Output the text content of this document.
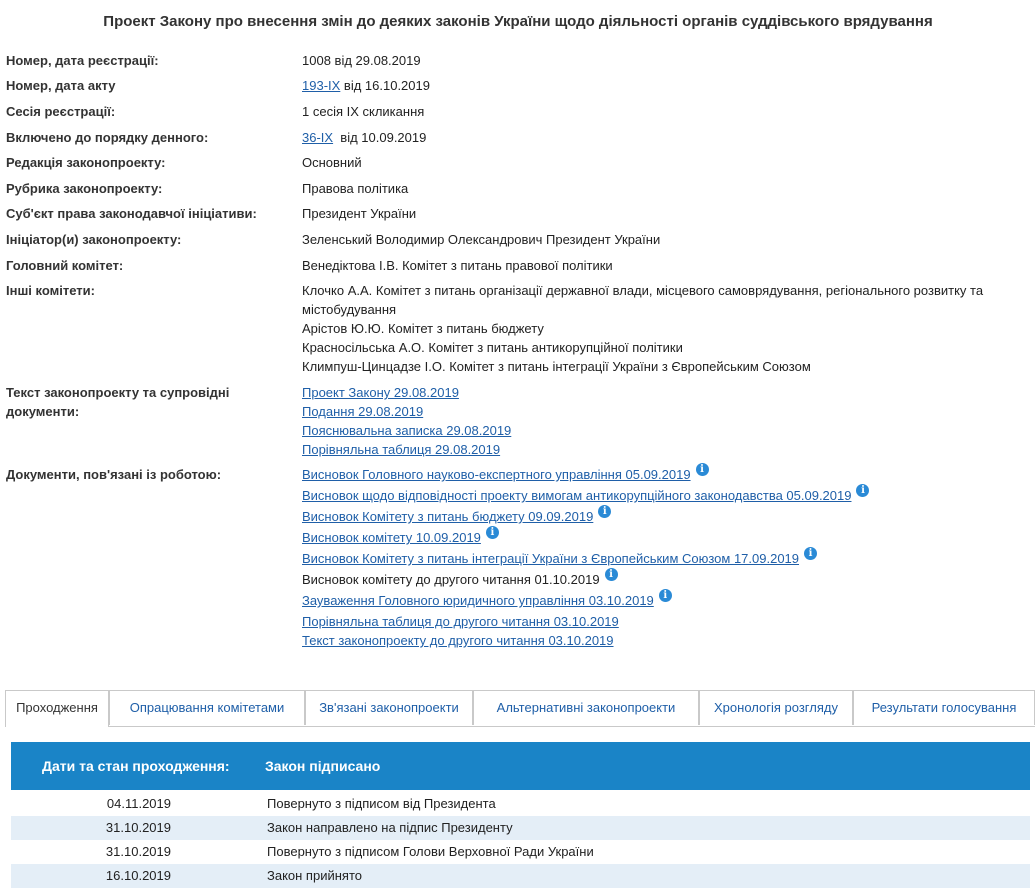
Проект Закону про внесення змін до деяких законів України щодо діяльності органів суддівського врядування
Номер, дата реєстрації:	1008 від 29.08.2019
Номер, дата акту	193-IX від 16.10.2019
Сесія реєстрації:	1 сесія IX скликання
Включено до порядку денного:	36-IX  від 10.09.2019
Редакція законопроекту:	Основний
Рубрика законопроекту:	Правова політика
Суб'єкт права законодавчої ініціативи:	Президент України
Ініціатор(и) законопроекту:	Зеленський Володимир Олександрович Президент України
Головний комітет:	Венедіктова І.В. Комітет з питань правової політики
Інші комітети:	Клочко А.А. Комітет з питань організації державної влади, місцевого самоврядування, регіонального розвитку та
містобудування
Арістов Ю.Ю. Комітет з питань бюджету
Красносільська А.О. Комітет з питань антикорупційної політики
Климпуш-Цинцадзе І.О. Комітет з питань інтеграції України з Європейським Союзом
Текст законопроекту та супровідні
документи:
Проект Закону 29.08.2019
Подання 29.08.2019
Пояснювальна записка 29.08.2019
Порівняльна таблиця 29.08.2019
Документи, пов'язані із роботою:	Висновок Головного науково-експертного управління 05.09.2019 i
Висновок щодо відповідності проекту вимогам антикорупційного законодавства 05.09.2019 i
Висновок Комітету з питань бюджету 09.09.2019 i
Висновок комітету 10.09.2019 i
Висновок Комітету з питань інтеграції України з Європейським Союзом 17.09.2019 i
Висновок комітету до другого читання 01.10.2019 i
Зауваження Головного юридичного управління 03.10.2019 i
Порівняльна таблиця до другого читання 03.10.2019
Текст законопроекту до другого читання 03.10.2019
Проходження	Опрацювання комітетами	Зв'язані законопроекти	Альтернативні законопроекти	Хронологія розгляду	Результати голосування
Дати та стан проходження:	Закон підписано
04.11.2019	Повернуто з підписом від Президента
31.10.2019	Закон направлено на підпис Президенту
31.10.2019	Повернуто з підписом Голови Верховної Ради України
16.10.2019	Закон прийнято
